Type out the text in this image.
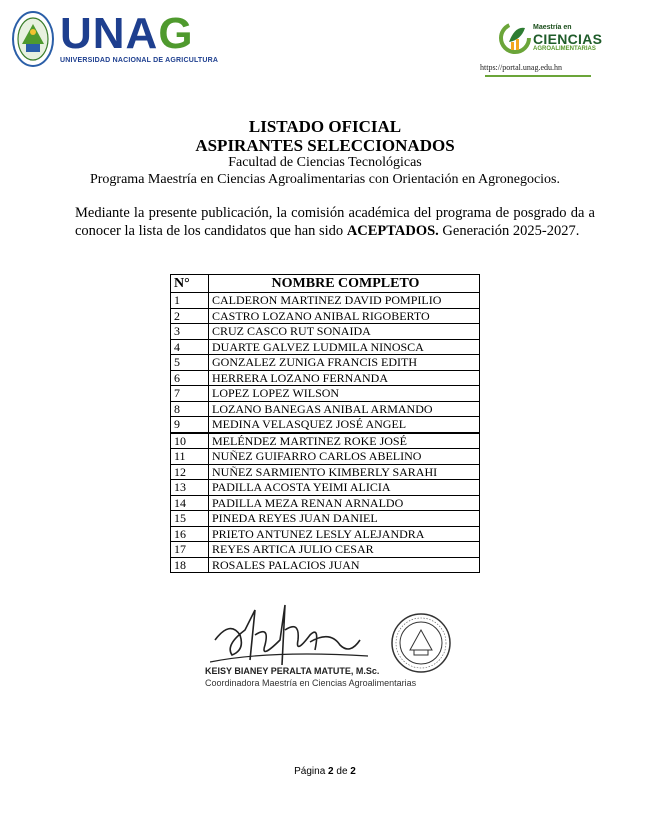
UNAG
UNIVERSIDAD NACIONAL DE AGRICULTURA
Maestría en
CIENCIAS
AGROALIMENTARIAS
https://portal.unag.edu.hn
LISTADO OFICIAL
ASPIRANTES SELECCIONADOS
Facultad de Ciencias Tecnológicas
Programa Maestría en Ciencias Agroalimentarias con Orientación en Agronegocios.
Mediante la presente publicación, la comisión académica del programa de posgrado da a conocer la lista de los candidatos que han sido ACEPTADOS. Generación 2025-2027.
N°	NOMBRE COMPLETO
1	CALDERON MARTINEZ DAVID POMPILIO
2	CASTRO LOZANO ANIBAL RIGOBERTO
3	CRUZ CASCO RUT SONAIDA
4	DUARTE GALVEZ LUDMILA NINOSCA
5	GONZALEZ ZUNIGA FRANCIS EDITH
6	HERRERA LOZANO FERNANDA
7	LOPEZ LOPEZ WILSON
8	LOZANO BANEGAS ANIBAL ARMANDO
9	MEDINA VELASQUEZ JOSÉ ANGEL
10	MELÉNDEZ MARTINEZ ROKE JOSÉ
11	NUÑEZ GUIFARRO CARLOS ABELINO
12	NUÑEZ SARMIENTO KIMBERLY SARAHI
13	PADILLA ACOSTA YEIMI ALICIA
14	PADILLA MEZA RENAN ARNALDO
15	PINEDA REYES JUAN DANIEL
16	PRIETO ANTUNEZ LESLY ALEJANDRA
17	REYES ARTICA JULIO CESAR
18	ROSALES PALACIOS JUAN
KEISY BIANEY PERALTA MATUTE, M.Sc.
Coordinadora Maestría en Ciencias Agroalimentarias
Página 2 de 2
